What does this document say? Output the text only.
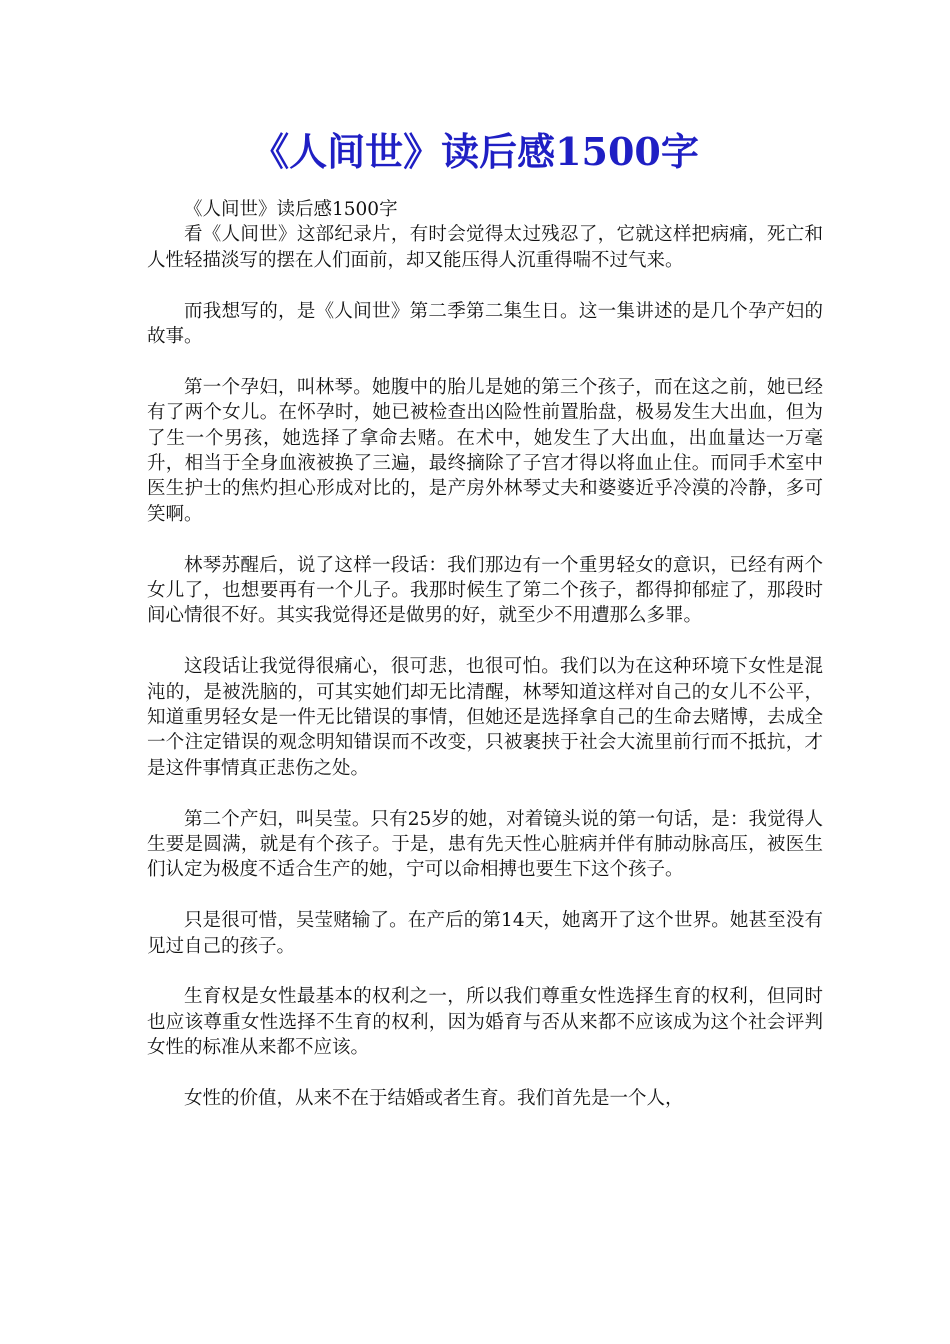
《人间世》读后感1500字

《人间世》读后感1500字

看《人间世》这部纪录片，有时会觉得太过残忍了，它就这样把病痛，死亡和人性轻描淡写的摆在人们面前，却又能压得人沉重得喘不过气来。

而我想写的，是《人间世》第二季第二集生日。这一集讲述的是几个孕产妇的故事。

第一个孕妇，叫林琴。她腹中的胎儿是她的第三个孩子，而在这之前，她已经有了两个女儿。在怀孕时，她已被检查出凶险性前置胎盘，极易发生大出血，但为了生一个男孩，她选择了拿命去赌。在术中，她发生了大出血，出血量达一万毫升，相当于全身血液被换了三遍，最终摘除了子宫才得以将血止住。而同手术室中医生护士的焦灼担心形成对比的，是产房外林琴丈夫和婆婆近乎冷漠的冷静，多可笑啊。

林琴苏醒后，说了这样一段话：我们那边有一个重男轻女的意识，已经有两个女儿了，也想要再有一个儿子。我那时候生了第二个孩子，都得抑郁症了，那段时间心情很不好。其实我觉得还是做男的好，就至少不用遭那么多罪。

这段话让我觉得很痛心，很可悲，也很可怕。我们以为在这种环境下女性是混沌的，是被洗脑的，可其实她们却无比清醒，林琴知道这样对自己的女儿不公平，知道重男轻女是一件无比错误的事情，但她还是选择拿自己的生命去赌博，去成全一个注定错误的观念明知错误而不改变，只被裹挟于社会大流里前行而不抵抗，才是这件事情真正悲伤之处。

第二个产妇，叫吴莹。只有25岁的她，对着镜头说的第一句话，是：我觉得人生要是圆满，就是有个孩子。于是，患有先天性心脏病并伴有肺动脉高压，被医生们认定为极度不适合生产的她，宁可以命相搏也要生下这个孩子。

只是很可惜，吴莹赌输了。在产后的第14天，她离开了这个世界。她甚至没有见过自己的孩子。

生育权是女性最基本的权利之一，所以我们尊重女性选择生育的权利，但同时也应该尊重女性选择不生育的权利，因为婚育与否从来都不应该成为这个社会评判女性的标准从来都不应该。

女性的价值，从来不在于结婚或者生育。我们首先是一个人，
